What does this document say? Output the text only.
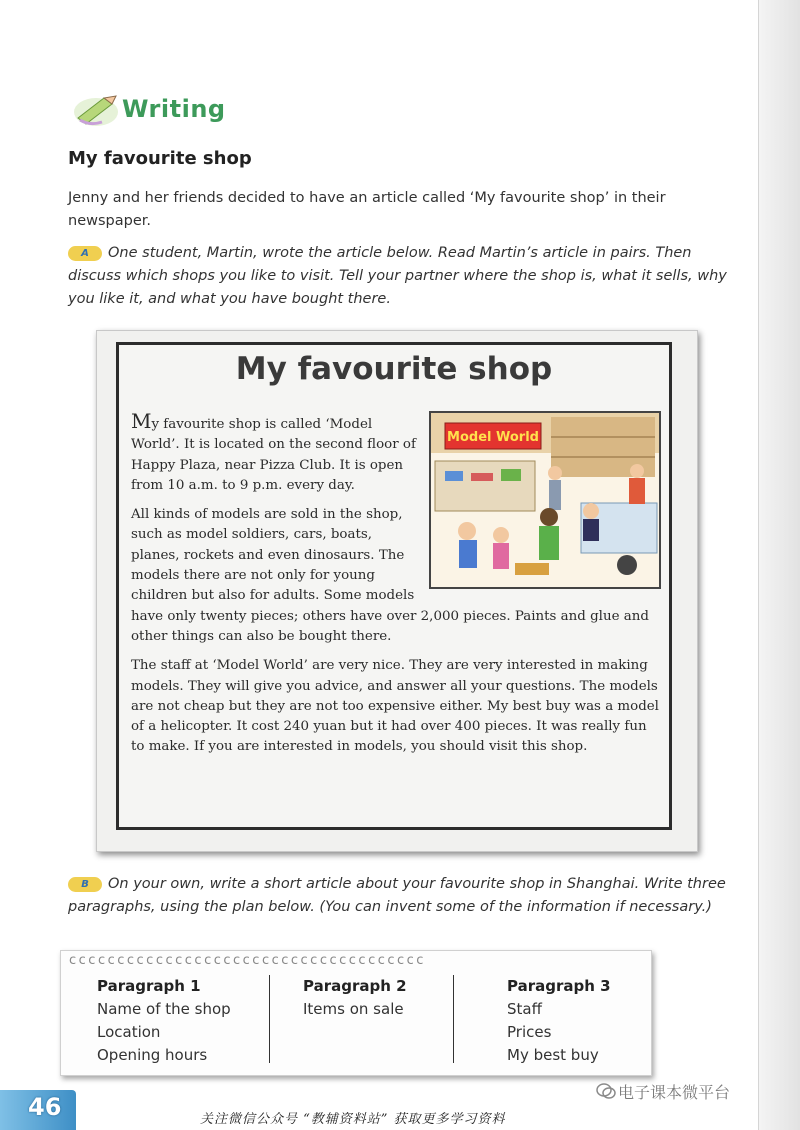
Writing
My favourite shop

Jenny and her friends decided to have an article called ‘My favourite shop’ in their newspaper.

A One student, Martin, wrote the article below. Read Martin’s article in pairs. Then discuss which shops you like to visit. Tell your partner where the shop is, what it sells, why you like it, and what you have bought there.

My favourite shop
Model World

My favourite shop is called ‘Model World’. It is located on the second floor of Happy Plaza, near Pizza Club. It is open from 10 a.m. to 9 p.m. every day.

All kinds of models are sold in the shop, such as model soldiers, cars, boats, planes, rockets and even dinosaurs. The models there are not only for young children but also for adults. Some models have only twenty pieces; others have over 2,000 pieces. Paints and glue and other things can also be bought there.

The staff at ‘Model World’ are very nice. They are very interested in making models. They will give you advice, and answer all your questions. The models are not cheap but they are not too expensive either. My best buy was a model of a helicopter. It cost 240 yuan but it had over 400 pieces. It was really fun to make. If you are interested in models, you should visit this shop.

B On your own, write a short article about your favourite shop in Shanghai. Write three paragraphs, using the plan below. (You can invent some of the information if necessary.)

ᴄᴄᴄᴄᴄᴄᴄᴄᴄᴄᴄᴄᴄᴄᴄᴄᴄᴄᴄᴄᴄᴄᴄᴄᴄᴄᴄᴄᴄᴄᴄᴄᴄᴄᴄᴄᴄ
Paragraph 1
Name of the shop
Location
Opening hours
Paragraph 2
Items on sale
Paragraph 3
Staff
Prices
My best buy
46	关注微信公众号 “教辅资料站” 获取更多学习资料
电子课本微平台
